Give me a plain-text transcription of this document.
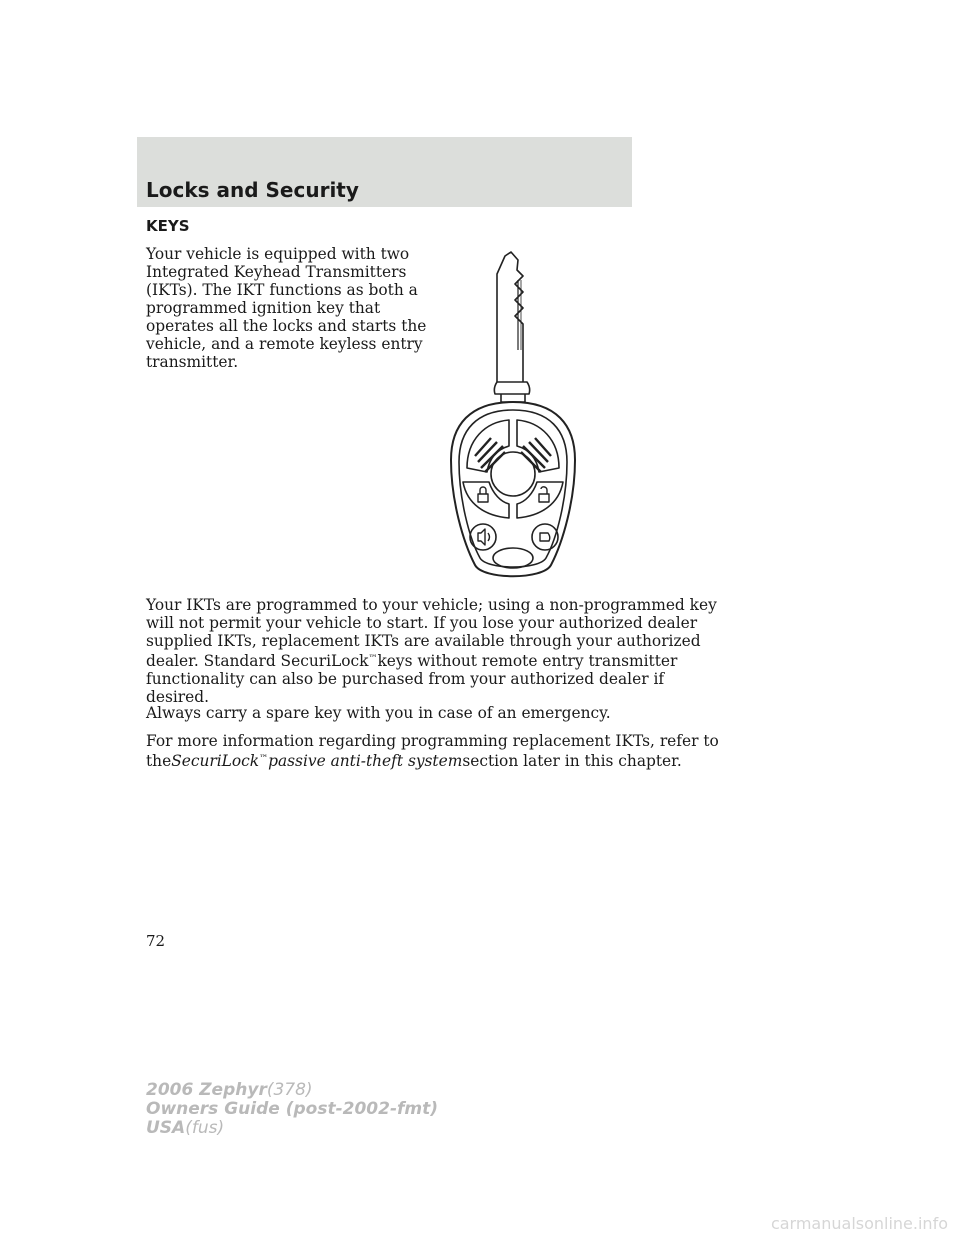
Locks and Security
KEYS

Your vehicle is equipped with two
Integrated Keyhead Transmitters
(IKTs). The IKT functions as both a
programmed ignition key that
operates all the locks and starts the
vehicle, and a remote keyless entry
transmitter.

Your IKTs are programmed to your vehicle; using a non-programmed key
will not permit your vehicle to start. If you lose your authorized dealer
supplied IKTs, replacement IKTs are available through your authorized
dealer. Standard SecuriLock™keys without remote entry transmitter
functionality can also be purchased from your authorized dealer if
desired.

Always carry a spare key with you in case of an emergency.

For more information regarding programming replacement IKTs, refer to
theSecuriLock™passive anti-theft systemsection later in this chapter.
72
2006 Zephyr(378)
Owners Guide (post-2002-fmt)
USA(fus)
carmanualsonline.info
